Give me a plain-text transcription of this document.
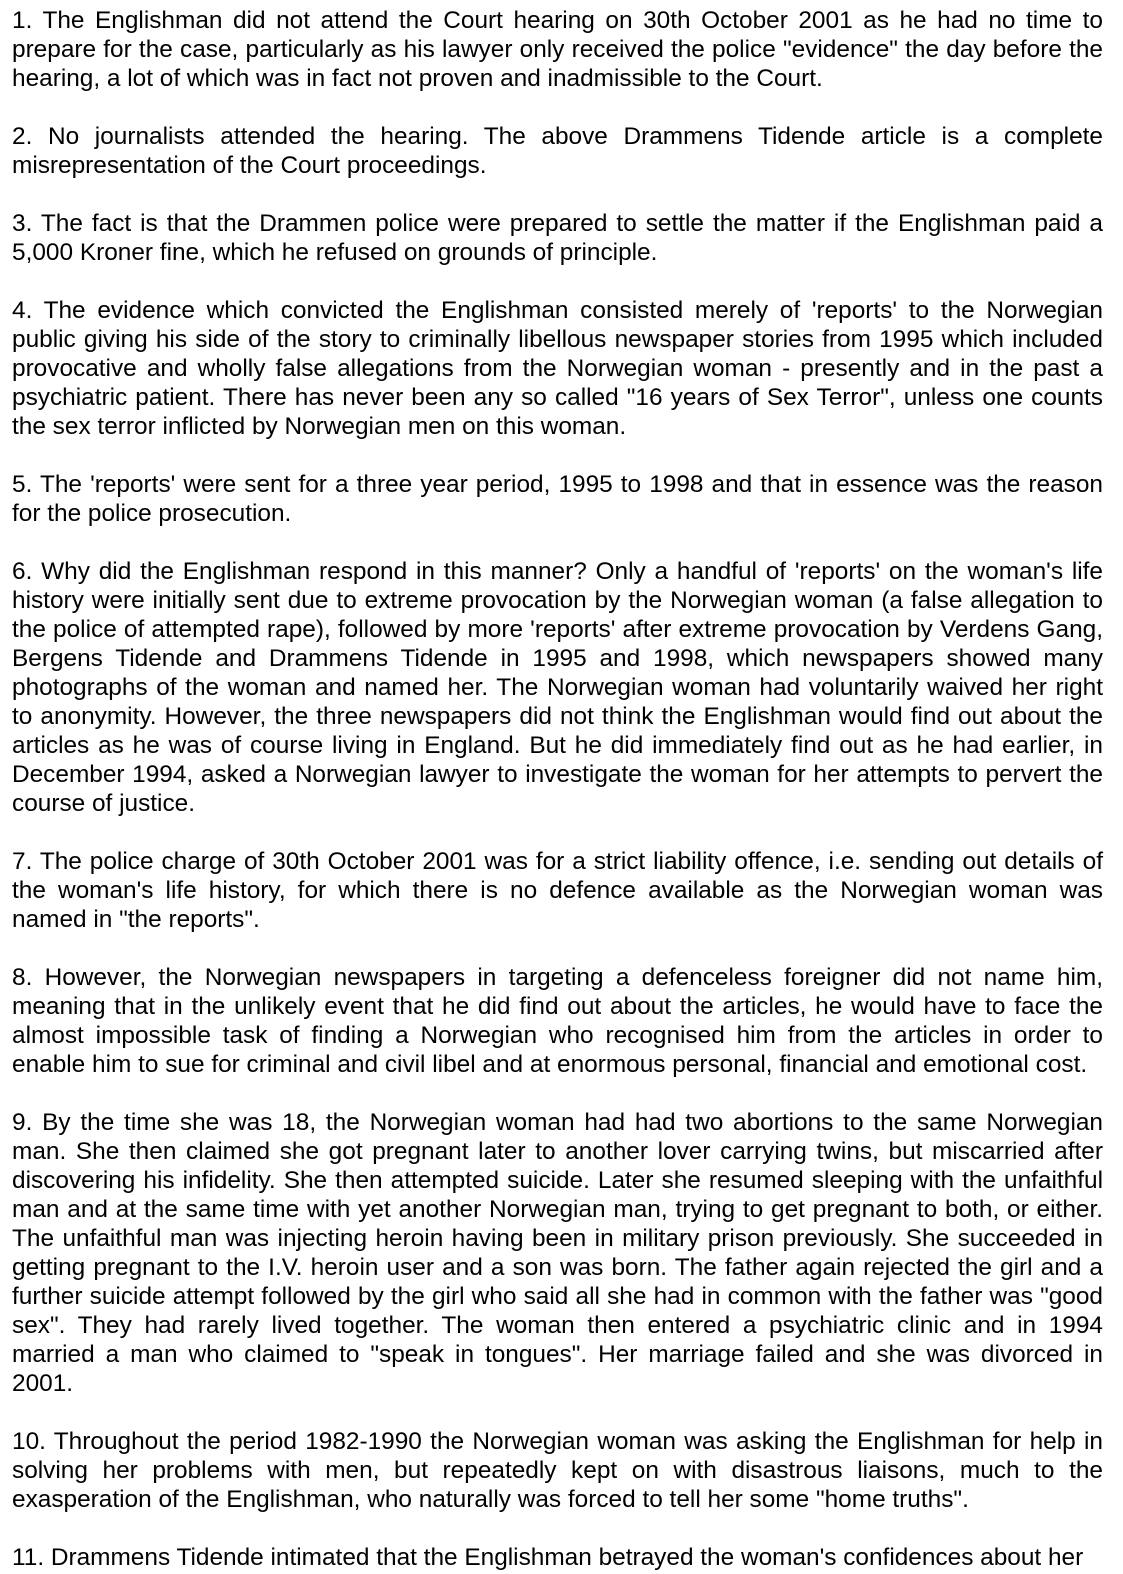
1. The Englishman did not attend the Court hearing on 30th October 2001 as he had no time to prepare for the case, particularly as his lawyer only received the police "evidence" the day before the hearing, a lot of which was in fact not proven and inadmissible to the Court.

2. No journalists attended the hearing. The above Drammens Tidende article is a complete misrepresentation of the Court proceedings.

3. The fact is that the Drammen police were prepared to settle the matter if the Englishman paid a 5,000 Kroner fine, which he refused on grounds of principle.

4. The evidence which convicted the Englishman consisted merely of 'reports' to the Norwegian public giving his side of the story to criminally libellous newspaper stories from 1995 which included provocative and wholly false allegations from the Norwegian woman - presently and in the past a psychiatric patient. There has never been any so called "16 years of Sex Terror", unless one counts the sex terror inflicted by Norwegian men on this woman.

5. The 'reports' were sent for a three year period, 1995 to 1998 and that in essence was the reason for the police prosecution.

6. Why did the Englishman respond in this manner? Only a handful of 'reports' on the woman's life history were initially sent due to extreme provocation by the Norwegian woman (a false allegation to the police of attempted rape), followed by more 'reports' after extreme provocation by Verdens Gang, Bergens Tidende and Drammens Tidende in 1995 and 1998, which newspapers showed many photographs of the woman and named her. The Norwegian woman had voluntarily waived her right to anonymity. However, the three newspapers did not think the Englishman would find out about the articles as he was of course living in England. But he did immediately find out as he had earlier, in December 1994, asked a Norwegian lawyer to investigate the woman for her attempts to pervert the course of justice.

7. The police charge of 30th October 2001 was for a strict liability offence, i.e. sending out details of the woman's life history, for which there is no defence available as the Norwegian woman was named in "the reports".

8. However, the Norwegian newspapers in targeting a defenceless foreigner did not name him, meaning that in the unlikely event that he did find out about the articles, he would have to face the almost impossible task of finding a Norwegian who recognised him from the articles in order to enable him to sue for criminal and civil libel and at enormous personal, financial and emotional cost.

9. By the time she was 18, the Norwegian woman had had two abortions to the same Norwegian man. She then claimed she got pregnant later to another lover carrying twins, but miscarried after discovering his infidelity. She then attempted suicide. Later she resumed sleeping with the unfaithful man and at the same time with yet another Norwegian man, trying to get pregnant to both, or either. The unfaithful man was injecting heroin having been in military prison previously. She succeeded in getting pregnant to the I.V. heroin user and a son was born. The father again rejected the girl and a further suicide attempt followed by the girl who said all she had in common with the father was "good sex". They had rarely lived together. The woman then entered a psychiatric clinic and in 1994 married a man who claimed to "speak in tongues". Her marriage failed and she was divorced in 2001.

10. Throughout the period 1982-1990 the Norwegian woman was asking the Englishman for help in solving her problems with men, but repeatedly kept on with disastrous liaisons, much to the exasperation of the Englishman, who naturally was forced to tell her some "home truths".

11. Drammens Tidende intimated that the Englishman betrayed the woman's confidences about her
